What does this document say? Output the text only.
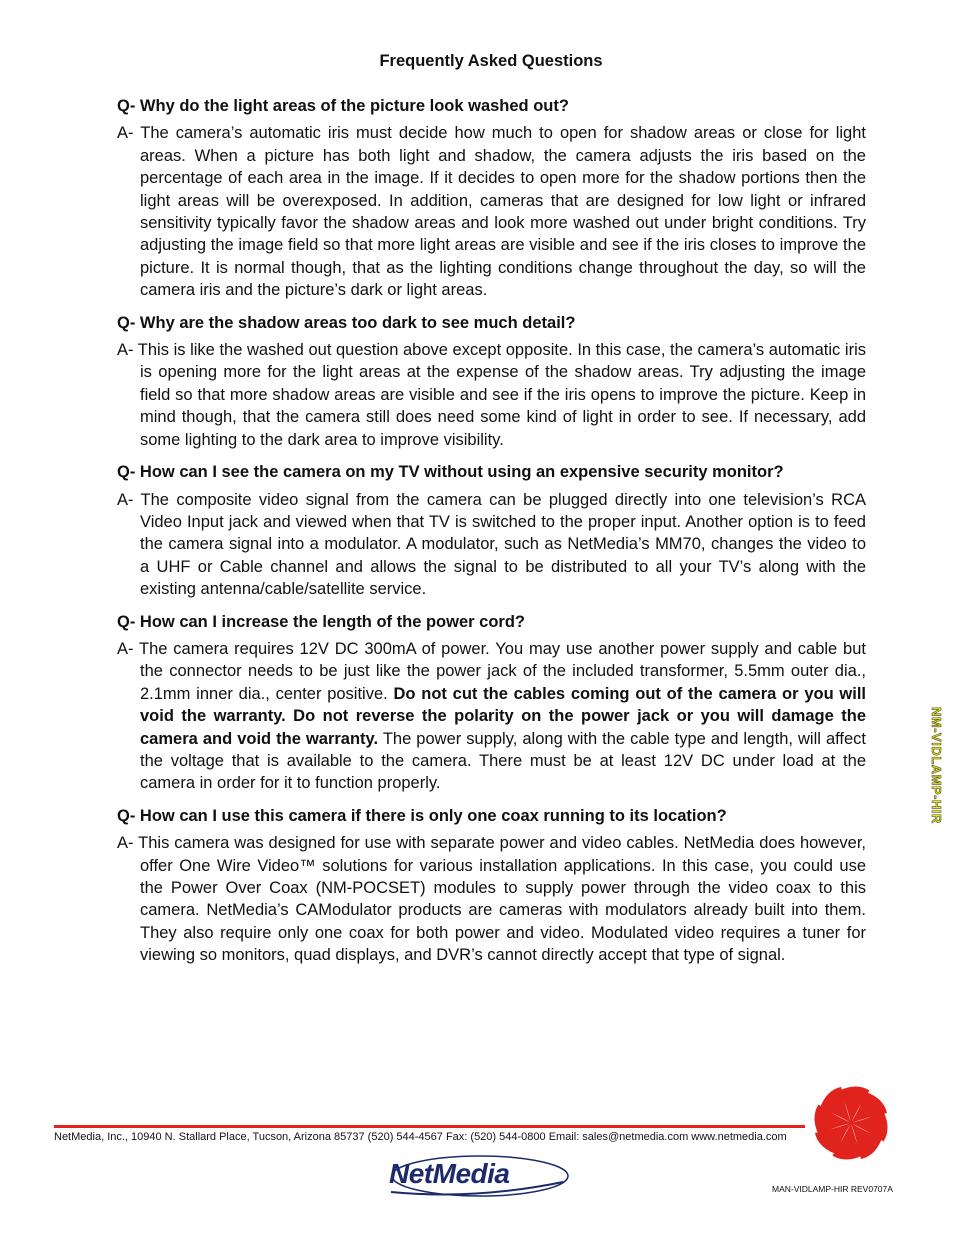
Frequently Asked Questions

Q- Why do the light areas of the picture look washed out?

A- The camera’s automatic iris must decide how much to open for shadow areas or close for light areas. When a picture has both light and shadow, the camera adjusts the iris based on the percentage of each area in the image. If it decides to open more for the shadow portions then the light areas will be overexposed. In addition, cameras that are designed for low light or infrared sensitivity typically favor the shadow areas and look more washed out under bright conditions. Try adjusting the image field so that more light areas are visible and see if the iris closes to improve the picture. It is normal though, that as the lighting conditions change throughout the day, so will the camera iris and the picture’s dark or light areas.

Q- Why are the shadow areas too dark to see much detail?

A- This is like the washed out question above except opposite. In this case, the camera’s automatic iris is opening more for the light areas at the expense of the shadow areas. Try adjusting the image field so that more shadow areas are visible and see if the iris opens to improve the picture. Keep in mind though, that the camera still does need some kind of light in order to see. If necessary, add some lighting to the dark area to improve visibility.

Q- How can I see the camera on my TV without using an expensive security monitor?

A- The composite video signal from the camera can be plugged directly into one television’s RCA Video Input jack and viewed when that TV is switched to the proper input. Another option is to feed the camera signal into a modulator. A modulator, such as NetMedia’s MM70, changes the video to a UHF or Cable channel and allows the signal to be distributed to all your TV’s along with the existing antenna/cable/satellite service.

Q- How can I increase the length of the power cord?

A- The camera requires 12V DC 300mA of power. You may use another power supply and cable but the connector needs to be just like the power jack of the included transformer, 5.5mm outer dia., 2.1mm inner dia., center positive. Do not cut the cables coming out of the camera or you will void the warranty. Do not reverse the polarity on the power jack or you will damage the camera and void the warranty. The power supply, along with the cable type and length, will affect the voltage that is available to the camera. There must be at least 12V DC under load at the camera in order for it to function properly.

Q- How can I use this camera if there is only one coax running to its location?

A- This camera was designed for use with separate power and video cables. NetMedia does however, offer One Wire Video™ solutions for various installation applications. In this case, you could use the Power Over Coax (NM-POCSET) modules to supply power through the video coax to this camera. NetMedia’s CAModulator products are cameras with modulators already built into them. They also require only one coax for both power and video. Modulated video requires a tuner for viewing so monitors, quad displays, and DVR’s cannot directly accept that type of signal.

NM-VIDLAMP-HIR
NetMedia, Inc., 10940 N. Stallard Place, Tucson, Arizona 85737 (520) 544-4567 Fax: (520) 544-0800 Email: sales@netmedia.com www.netmedia.com
NetMedia	MAN-VIDLAMP-HIR REV0707A
